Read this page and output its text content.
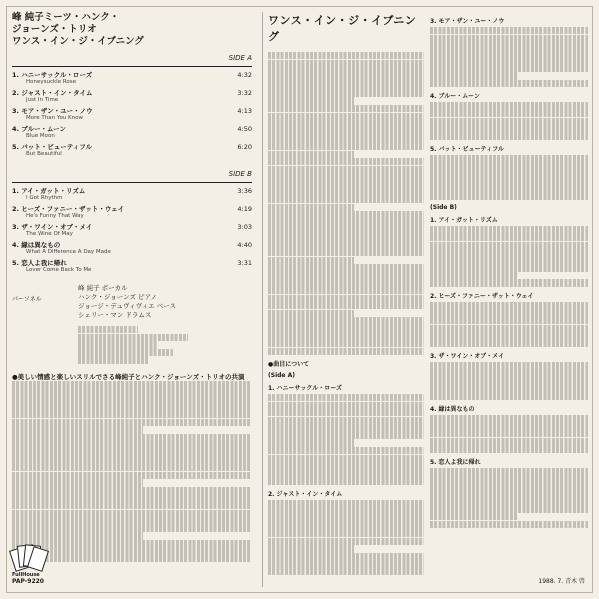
峰 純子ミーツ・ハンク・
ジョーンズ・トリオ
ワンス・イン・ジ・イブニング
SIDE A
1. ハニーサックル・ローズ	4:32
Honeysuckle Rose
2. ジャスト・イン・タイム	3:32
Just In Time
3. モア・ザン・ユー・ノウ	4:13
More Than You Know
4. ブルー・ムーン	4:50
Blue Moon
5. バット・ビューティフル	6:20
But Beautiful
SIDE B
1. アイ・ガット・リズム	3:36
I Got Rhythm
2. ヒーズ・ファニー・ザット・ウェイ	4:19
He's Funny That Way
3. ザ・ワイン・オブ・メイ	3:03
The Wine Of May
4. 縁は異なもの	4:40
What A Difference A Day Made
5. 恋人よ我に帰れ	3:31
Lover Come Back To Me
パーソネル
峰 純子 ボーカル
ハンク・ジョーンズ ピアノ
ジョージ・デュヴィヴィエ ベース
シェリー・マン ドラムス
●美しい情感と楽しいスリルでさる峰純子とハンク・ジョーンズ・トリオの共演
ワンス・イン・ジ・イブニング
●曲目について
(Side A)
1. ハニーサックル・ローズ
2. ジャスト・イン・タイム
3. モア・ザン・ユー・ノウ
4. ブルー・ムーン
5. バット・ビューティフル
(Side B)
1. アイ・ガット・リズム
2. ヒーズ・ファニー・ザット・ウェイ
3. ザ・ワイン・オブ・メイ
4. 縁は異なもの
5. 恋人よ我に帰れ
FullHouse
PAP-9220	1988. 7. 青木 啓
